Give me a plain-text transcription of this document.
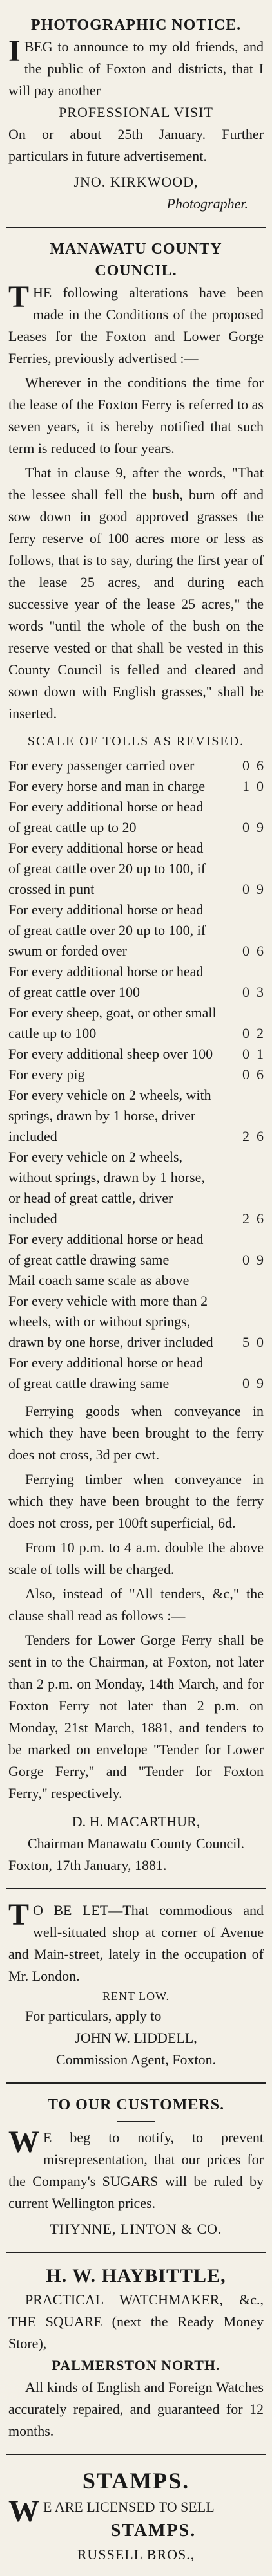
PHOTOGRAPHIC NOTICE.

IBEG to announce to my old friends, and the public of Foxton and districts, that I will pay another

PROFESSIONAL VISIT

On or about 25th January. Further particulars in future advertisement.

JNO. KIRKWOOD,
Photographer.
MANAWATU COUNTY COUNCIL.

THE following alterations have been made in the Conditions of the proposed Leases for the Foxton and Lower Gorge Ferries, previously advertised :—

Wherever in the conditions the time for the lease of the Foxton Ferry is referred to as seven years, it is hereby notified that such term is reduced to four years.

That in clause 9, after the words, "That the lessee shall fell the bush, burn off and sow down in good approved grasses the ferry reserve of 100 acres more or less as follows, that is to say, during the first year of the lease 25 acres, and during each successive year of the lease 25 acres," the words "until the whole of the bush on the reserve vested or that shall be vested in this County Council is felled and cleared and sown down with English grasses," shall be inserted.

SCALE OF TOLLS AS REVISED.
For every passenger carried over	0  6
For every horse and man in charge	1  0
For every additional horse or head of great cattle up to 20	0  9
For every additional horse or head of great cattle over 20 up to 100, if crossed in punt	0  9
For every additional horse or head of great cattle over 20 up to 100, if swum or forded over	0  6
For every additional horse or head of great cattle over 100	0  3
For every sheep, goat, or other small cattle up to 100	0  2
For every additional sheep over 100	0  1
For every pig	0  6
For every vehicle on 2 wheels, with springs, drawn by 1 horse, driver included	2  6
For every vehicle on 2 wheels, without springs, drawn by 1 horse, or head of great cattle, driver included	2  6
For every additional horse or head of great cattle drawing same	0  9
Mail coach same scale as above
For every vehicle with more than 2 wheels, with or without springs, drawn by one horse, driver included	5  0
For every additional horse or head of great cattle drawing same	0  9

Ferrying goods when conveyance in which they have been brought to the ferry does not cross, 3d per cwt.

Ferrying timber when conveyance in which they have been brought to the ferry does not cross, per 100ft superficial, 6d.

From 10 p.m. to 4 a.m. double the above scale of tolls will be charged.

Also, instead of "All tenders, &c," the clause shall read as follows :—

Tenders for Lower Gorge Ferry shall be sent in to the Chairman, at Foxton, not later than 2 p.m. on Monday, 14th March, and for Foxton Ferry not later than 2 p.m. on Monday, 21st March, 1881, and tenders to be marked on envelope "Tender for Lower Gorge Ferry," and "Tender for Foxton Ferry," respectively.

D. H. MACARTHUR,
Chairman Manawatu County Council.

Foxton, 17th January, 1881.

TO BE LET—That commodious and well-situated shop at corner of Avenue and Main-street, lately in the occupation of Mr. London.

RENT LOW.

For particulars, apply to

JOHN W. LIDDELL,
Commission Agent, Foxton.
TO OUR CUSTOMERS.

WE beg to notify, to prevent misrepresentation, that our prices for the Company's SUGARS will be ruled by current Wellington prices.

THYNNE, LINTON & CO.
H. W. HAYBITTLE,

PRACTICAL WATCHMAKER, &c., THE SQUARE (next the Ready Money Store),

PALMERSTON NORTH.

All kinds of English and Foreign Watches accurately repaired, and guaranteed for 12 months.

STAMPS.

WE ARE LICENSED TO SELL

STAMPS.
RUSSELL BROS.,
